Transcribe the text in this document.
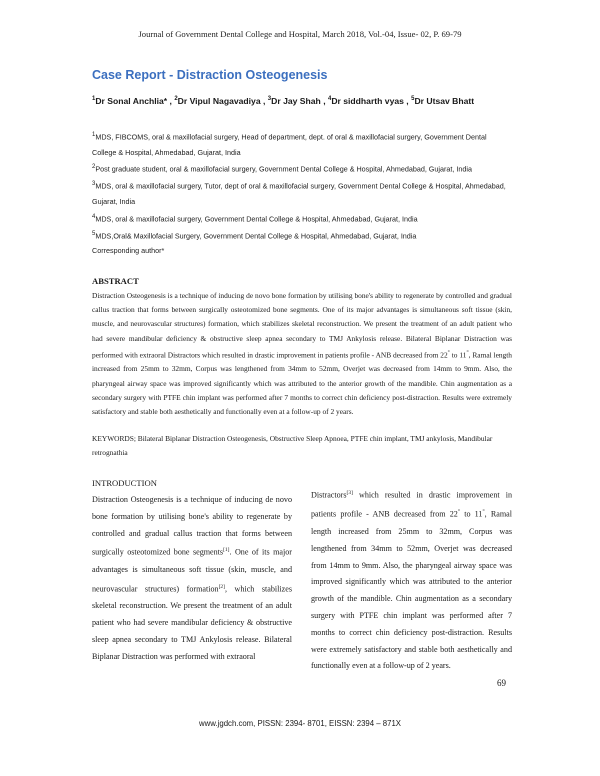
Journal of Government Dental College and Hospital, March 2018, Vol.-04, Issue- 02, P. 69-79
Case Report - Distraction Osteogenesis
$^1$Dr Sonal Anchlia* , $^2$Dr Vipul Nagavadiya , $^3$Dr Jay Shah , $^4$Dr siddharth vyas , $^5$Dr Utsav Bhatt

$^1$MDS, FIBCOMS, oral & maxillofacial surgery, Head of department, dept. of oral & maxillofacial surgery, Government Dental College & Hospital, Ahmedabad, Gujarat, India

$^2$Post graduate student, oral & maxillofacial surgery, Government Dental College & Hospital, Ahmedabad, Gujarat, India

$^3$MDS, oral & maxillofacial surgery, Tutor, dept of oral & maxillofacial surgery, Government Dental College & Hospital, Ahmedabad, Gujarat, India

$^4$MDS, oral & maxillofacial surgery, Government Dental College & Hospital, Ahmedabad, Gujarat, India

$^5$MDS,Oral& Maxillofacial Surgery, Government Dental College & Hospital, Ahmedabad, Gujarat, India

Corresponding author*

ABSTRACT

Distraction Osteogenesis is a technique of inducing de novo bone formation by utilising bone's ability to regenerate by controlled and gradual callus traction that forms between surgically osteotomized bone segments. One of its major advantages is simultaneous soft tissue (skin, muscle, and neurovascular structures) formation, which stabilizes skeletal reconstruction. We present the treatment of an adult patient who had severe mandibular deficiency & obstructive sleep apnea secondary to TMJ Ankylosis release. Bilateral Biplanar Distraction was performed with extraoral Distractors which resulted in drastic improvement in patients profile - ANB decreased from 22° to 11°, Ramal length increased from 25mm to 32mm, Corpus was lengthened from 34mm to 52mm, Overjet was decreased from 14mm to 9mm. Also, the pharyngeal airway space was improved significantly which was attributed to the anterior growth of the mandible. Chin augmentation as a secondary surgery with PTFE chin implant was performed after 7 months to correct chin deficiency post-distraction. Results were extremely satisfactory and stable both aesthetically and functionally even at a follow-up of 2 years.

KEYWORDS; Bilateral Biplanar Distraction Osteogenesis, Obstructive Sleep Apnoea, PTFE chin implant, TMJ ankylosis, Mandibular retrognathia

INTRODUCTION

Distraction Osteogenesis is a technique of inducing de novo bone formation by utilising bone's ability to regenerate by controlled and gradual callus traction that forms between surgically osteotomized bone segments[1]. One of its major advantages is simultaneous soft tissue (skin, muscle, and neurovascular structures) formation[2], which stabilizes skeletal reconstruction. We present the treatment of an adult patient who had severe mandibular deficiency & obstructive sleep apnea secondary to TMJ Ankylosis release. Bilateral Biplanar Distraction was performed with extraoral

Distractors[3] which resulted in drastic improvement in patients profile - ANB decreased from 22° to 11°, Ramal length increased from 25mm to 32mm, Corpus was lengthened from 34mm to 52mm, Overjet was decreased from 14mm to 9mm. Also, the pharyngeal airway space was improved significantly which was attributed to the anterior growth of the mandible. Chin augmentation as a secondary surgery with PTFE chin implant was performed after 7 months to correct chin deficiency post-distraction. Results were extremely satisfactory and stable both aesthetically and functionally even at a follow-up of 2 years.

69
www.jgdch.com, PISSN: 2394- 8701, EISSN: 2394 – 871X
